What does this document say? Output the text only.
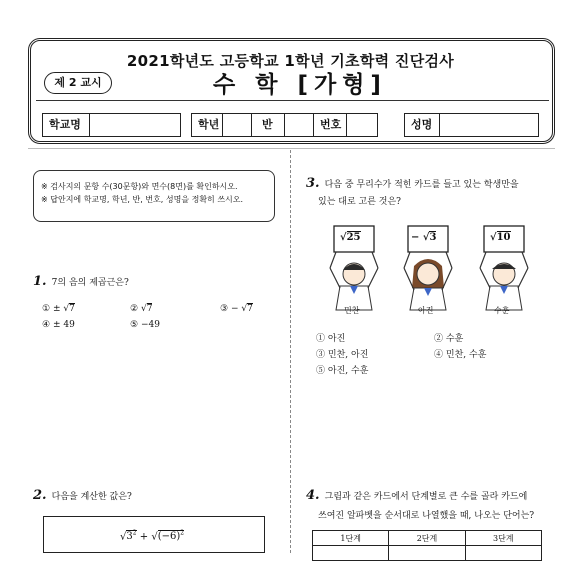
2021학년도 고등학교 1학년 기초학력 진단검사
제 2 교시	수 학 [가형]
학교명	학년	반	번호	성명
※ 검사지의 문항 수(30문항)와 면수(8면)를 확인하시오.
※ 답안지에 학교명, 학년, 반, 번호, 성명을 정확히 쓰시오.
1. 7의 음의 제곱근은?
① ± √7	② √7	③ − √7
④ ± 49	⑤ −49
2. 다음을 계산한 값은?
$√3^2 + √(-6)^2$
3. 다음 중 무리수가 적힌 카드를 들고 있는 학생만을
있는 대로 고른 것은?
√25	− √3	√10
민찬	아진	수훈
① 아진	② 수훈
③ 민찬, 아진	④ 민찬, 수훈
⑤ 아진, 수훈
4. 그림과 같은 카드에서 단계별로 큰 수를 골라 카드에
쓰여진 알파벳을 순서대로 나열했을 때, 나오는 단어는?
1단계	2단계	3단계
